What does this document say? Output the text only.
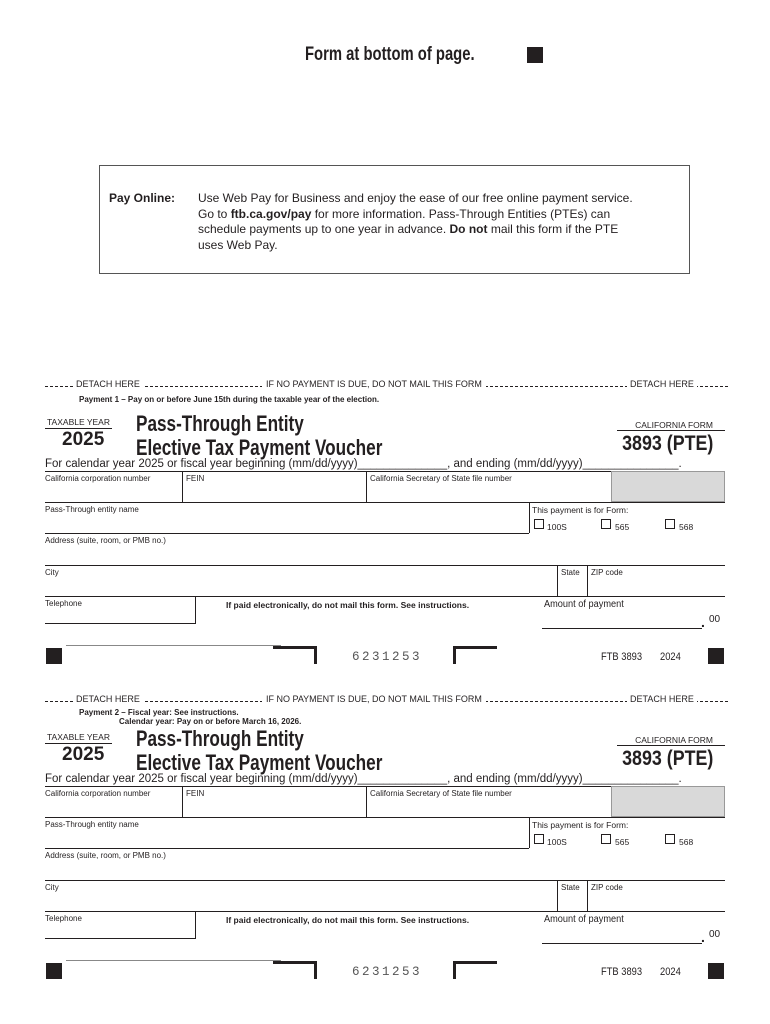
Form at bottom of page.
Pay Online: Use Web Pay for Business and enjoy the ease of our free online payment service.
Go to ftb.ca.gov/pay for more information. Pass-Through Entities (PTEs) can
schedule payments up to one year in advance. Do not mail this form if the PTE
uses Web Pay.
DETACH HERE	IF NO PAYMENT IS DUE, DO NOT MAIL THIS FORM	DETACH HERE
Payment 1 – Pay on or before June 15th during the taxable year of the election.
TAXABLE YEAR
2025
Pass-Through Entity
Elective Tax Payment Voucher
CALIFORNIA FORM
3893 (PTE)
For calendar year 2025 or fiscal year beginning (mm/dd/yyyy)______________, and ending (mm/dd/yyyy)_______________.
California corporation number	FEIN	California Secretary of State file number
Pass-Through entity name	This payment is for Form:
100S	565	568
Address (suite, room, or PMB no.)
City	State ZIP code
Telephone	If paid electronically, do not mail this form. See instructions.	Amount of payment
. 00
6231253	FTB 3893 2024
DETACH HERE	IF NO PAYMENT IS DUE, DO NOT MAIL THIS FORM	DETACH HERE
Payment 2 – Fiscal year: See instructions.
Calendar year: Pay on or before March 16, 2026.
TAXABLE YEAR
2025
Pass-Through Entity
Elective Tax Payment Voucher
CALIFORNIA FORM
3893 (PTE)
For calendar year 2025 or fiscal year beginning (mm/dd/yyyy)______________, and ending (mm/dd/yyyy)_______________.
California corporation number	FEIN	California Secretary of State file number
Pass-Through entity name	This payment is for Form:
100S	565	568
Address (suite, room, or PMB no.)
City	State ZIP code
Telephone	If paid electronically, do not mail this form. See instructions.	Amount of payment
. 00
6231253	FTB 3893 2024
